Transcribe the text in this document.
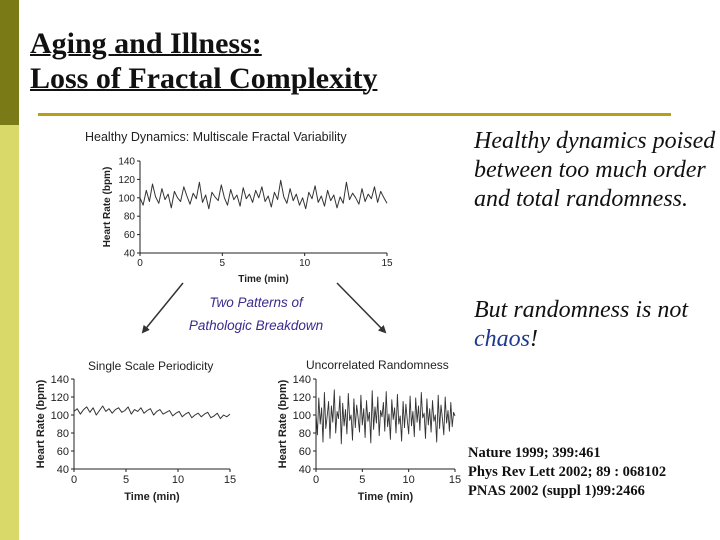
Aging and Illness:
Loss of Fractal Complexity

Healthy dynamics poised between too much order and total randomness.

But randomness is not chaos!

Nature 1999; 399:461
Phys Rev Lett 2002; 89 : 068102
PNAS 2002 (suppl 1)99:2466

Healthy Dynamics: Multiscale Fractal Variability
40
60
80
100
120
140
0	5	10	15
Time (min)
Heart Rate (bpm)
Two Patterns of
Pathologic Breakdown
Single Scale Periodicity
40
60
80
100
120
140
0	5	10	15
Time (min)
Heart Rate (bpm)
Uncorrelated Randomness
40
60
80
100
120
140
0	5	10	15
Time (min)
Heart Rate (bpm)
